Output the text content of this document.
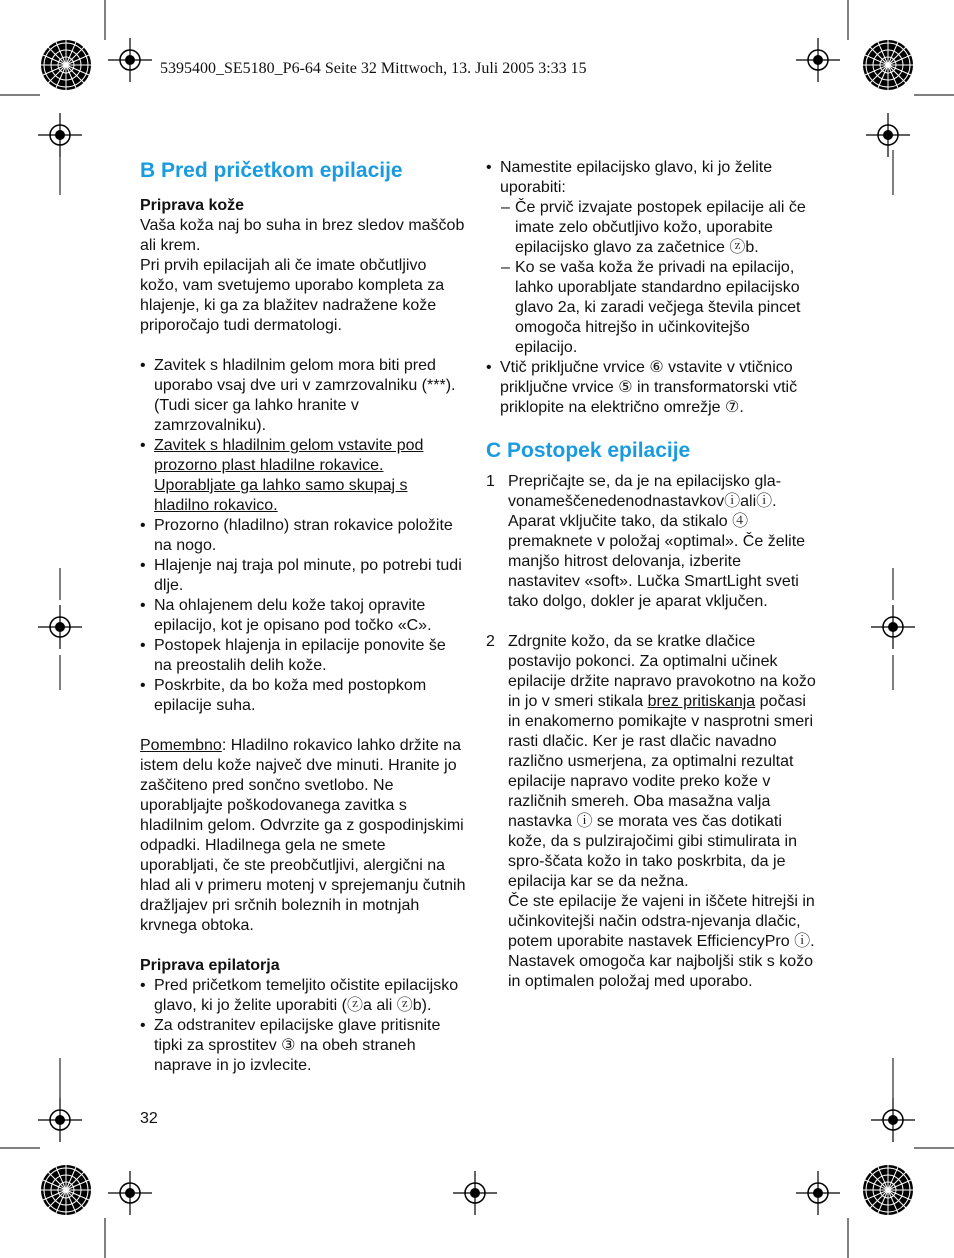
5395400_SE5180_P6-64 Seite 32 Mittwoch, 13. Juli 2005 3:33 15
B Pred pričetkom epilacije

Priprava kože

Vaša koža naj bo suha in brez sledov maščob ali krem.

Pri prvih epilacijah ali če imate občutljivo kožo, vam svetujemo uporabo kompleta za hlajenje, ki ga za blažitev nadražene kože priporočajo tudi dermatologi.

• Zavitek s hladilnim gelom mora biti pred uporabo vsaj dve uri v zamrzovalniku (***). (Tudi sicer ga lahko hranite v zamrzovalniku).
• Zavitek s hladilnim gelom vstavite pod prozorno plast hladilne rokavice. Uporabljate ga lahko samo skupaj s hladilno rokavico.
• Prozorno (hladilno) stran rokavice položite na nogo.
• Hlajenje naj traja pol minute, po potrebi tudi dlje.
• Na ohlajenem delu kože takoj opravite epilacijo, kot je opisano pod točko «C».
• Postopek hlajenja in epilacije ponovite še na preostalih delih kože.
• Poskrbite, da bo koža med postopkom epilacije suha.

Pomembno: Hladilno rokavico lahko držite na istem delu kože največ dve minuti. Hranite jo zaščiteno pred sončno svetlobo. Ne uporabljajte poškodovanega zavitka s hladilnim gelom. Odvrzite ga z gospodinjskimi odpadki. Hladilnega gela ne smete uporabljati, če ste preobčutljivi, alergični na hlad ali v primeru motenj v sprejemanju čutnih dražljajev pri srčnih boleznih in motnjah krvnega obtoka.

Priprava epilatorja

• Pred pričetkom temeljito očistite epilacijsko glavo, ki jo želite uporabiti (ⓩa ali ⓩb).
• Za odstranitev epilacijske glave pritisnite tipki za sprostitev ③ na obeh straneh naprave in jo izvlecite.
• Namestite epilacijsko glavo, ki jo želite uporabiti:
– Če prvič izvajate postopek epilacije ali če imate zelo občutljivo kožo, uporabite epilacijsko glavo za začetnice ⓩb.
– Ko se vaša koža že privadi na epilacijo, lahko uporabljate standardno epilacijsko glavo 2a, ki zaradi večjega števila pincet omogoča hitrejšo in učinkovitejšo epilacijo.
• Vtič priključne vrvice ⑥ vstavite v vtičnico priključne vrvice ⑤ in transformatorski vtič priklopite na električno omrežje ⑦.
C Postopek epilacije
1 Prepričajte se, da je na epilacijsko gla-vonameščenedenodnastavkovⓘaliⓘ. Aparat vključite tako, da stikalo ④ premaknete v položaj «optimal». Če želite manjšo hitrost delovanja, izberite nastavitev «soft». Lučka SmartLight sveti tako dolgo, dokler je aparat vključen.
2 Zdrgnite kožo, da se kratke dlačice postavijo pokonci. Za optimalni učinek epilacije držite napravo pravokotno na kožo in jo v smeri stikala brez pritiskanja počasi in enakomerno pomikajte v nasprotni smeri rasti dlačic. Ker je rast dlačic navadno različno usmerjena, za optimalni rezultat epilacije napravo vodite preko kože v različnih smereh. Oba masažna valja nastavka ⓘ se morata ves čas dotikati kože, da s pulzirajočimi gibi stimulirata in spro-ščata kožo in tako poskrbita, da je epilacija kar se da nežna.
Če ste epilacije že vajeni in iščete hitrejši in učinkovitejši način odstra-njevanja dlačic, potem uporabite nastavek EfficiencyPro ⓘ. Nastavek omogoča kar najboljši stik s kožo in optimalen položaj med uporabo.
32
